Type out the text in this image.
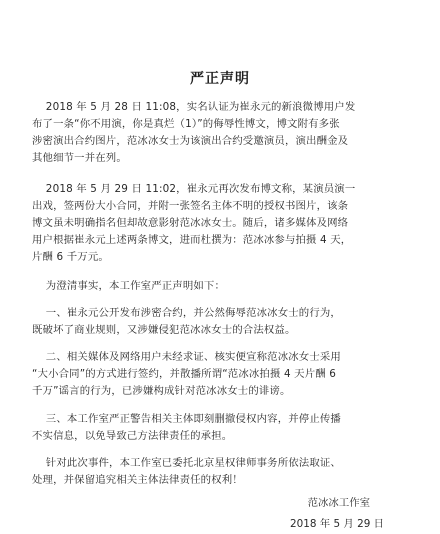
严正声明
2018 年 5 月 28 日 11:08，实名认证为崔永元的新浪微博用户发
布了一条“你不用演，你是真烂（1）”的侮辱性博文，博文附有多张
涉密演出合约图片，范冰冰女士为该演出合约受邀演员，演出酬金及
其他细节一并在列。
2018 年 5 月 29 日 11:02，崔永元再次发布博文称，某演员演一
出戏，签两份大小合同，并附一张签名主体不明的授权书图片，该条
博文虽未明确指名但却故意影射范冰冰女士。随后，诸多媒体及网络
用户根据崔永元上述两条博文，进而杜撰为：范冰冰参与拍摄 4 天，
片酬 6 千万元。
为澄清事实，本工作室严正声明如下：
一、崔永元公开发布涉密合约，并公然侮辱范冰冰女士的行为，
既破坏了商业规则，又涉嫌侵犯范冰冰女士的合法权益。
二、相关媒体及网络用户未经求证、核实便宣称范冰冰女士采用
“大小合同”的方式进行签约，并散播所谓“范冰冰拍摄 4 天片酬 6
千万”谣言的行为，已涉嫌构成针对范冰冰女士的诽谤。
三、本工作室严正警告相关主体即刻删撤侵权内容，并停止传播
不实信息，以免导致己方法律责任的承担。
针对此次事件，本工作室已委托北京星权律师事务所依法取证、
处理，并保留追究相关主体法律责任的权利！
范冰冰工作室
2018 年 5 月 29 日
